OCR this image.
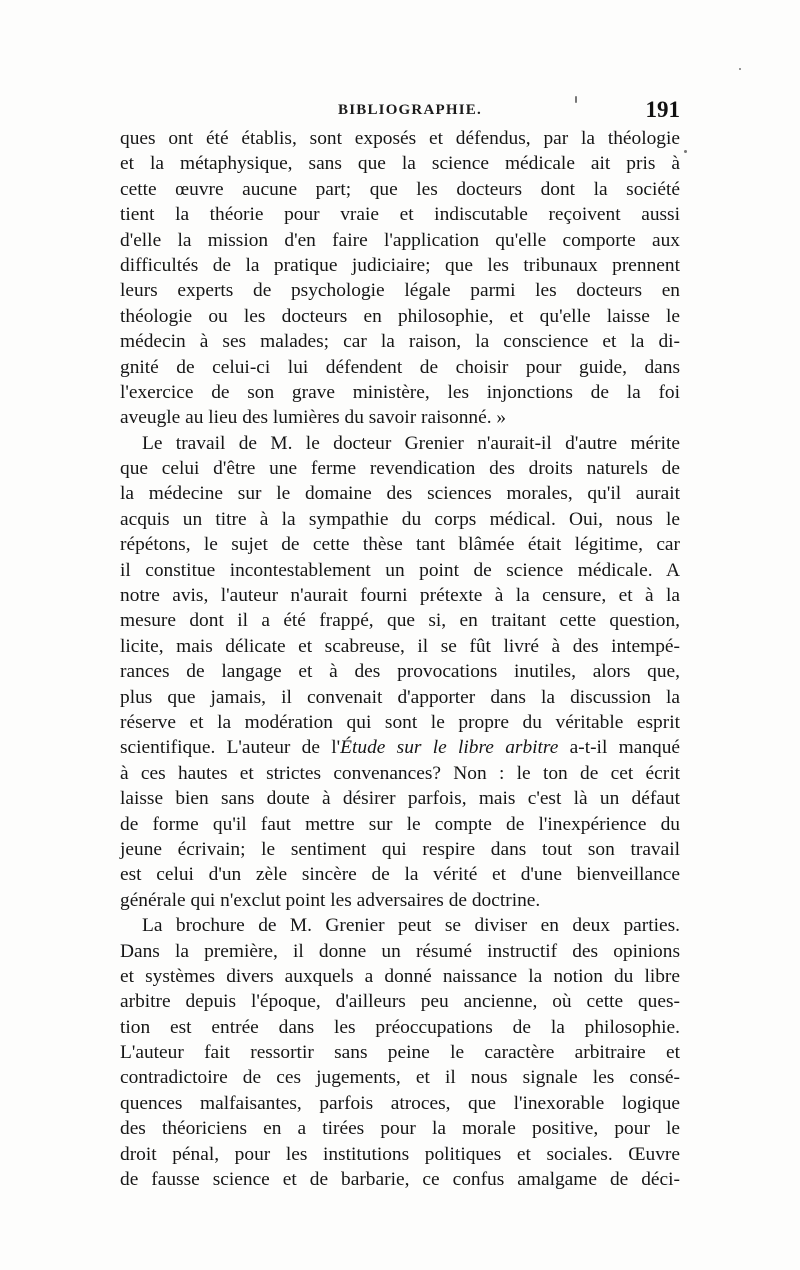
BIBLIOGRAPHIE.	191
ques ont été établis, sont exposés et défendus, par la théologie
et la métaphysique, sans que la science médicale ait pris à
cette œuvre aucune part; que les docteurs dont la société
tient la théorie pour vraie et indiscutable reçoivent aussi
d'elle la mission d'en faire l'application qu'elle comporte aux
difficultés de la pratique judiciaire; que les tribunaux prennent
leurs experts de psychologie légale parmi les docteurs en
théologie ou les docteurs en philosophie, et qu'elle laisse le
médecin à ses malades; car la raison, la conscience et la di-
gnité de celui-ci lui défendent de choisir pour guide, dans
l'exercice de son grave ministère, les injonctions de la foi
aveugle au lieu des lumières du savoir raisonné. »
Le travail de M. le docteur Grenier n'aurait-il d'autre mérite
que celui d'être une ferme revendication des droits naturels de
la médecine sur le domaine des sciences morales, qu'il aurait
acquis un titre à la sympathie du corps médical. Oui, nous le
répétons, le sujet de cette thèse tant blâmée était légitime, car
il constitue incontestablement un point de science médicale. A
notre avis, l'auteur n'aurait fourni prétexte à la censure, et à la
mesure dont il a été frappé, que si, en traitant cette question,
licite, mais délicate et scabreuse, il se fût livré à des intempé-
rances de langage et à des provocations inutiles, alors que,
plus que jamais, il convenait d'apporter dans la discussion la
réserve et la modération qui sont le propre du véritable esprit
scientifique. L'auteur de l'Étude sur le libre arbitre a-t-il manqué
à ces hautes et strictes convenances? Non : le ton de cet écrit
laisse bien sans doute à désirer parfois, mais c'est là un défaut
de forme qu'il faut mettre sur le compte de l'inexpérience du
jeune écrivain; le sentiment qui respire dans tout son travail
est celui d'un zèle sincère de la vérité et d'une bienveillance
générale qui n'exclut point les adversaires de doctrine.
La brochure de M. Grenier peut se diviser en deux parties.
Dans la première, il donne un résumé instructif des opinions
et systèmes divers auxquels a donné naissance la notion du libre
arbitre depuis l'époque, d'ailleurs peu ancienne, où cette ques-
tion est entrée dans les préoccupations de la philosophie.
L'auteur fait ressortir sans peine le caractère arbitraire et
contradictoire de ces jugements, et il nous signale les consé-
quences malfaisantes, parfois atroces, que l'inexorable logique
des théoriciens en a tirées pour la morale positive, pour le
droit pénal, pour les institutions politiques et sociales. Œuvre
de fausse science et de barbarie, ce confus amalgame de déci-
